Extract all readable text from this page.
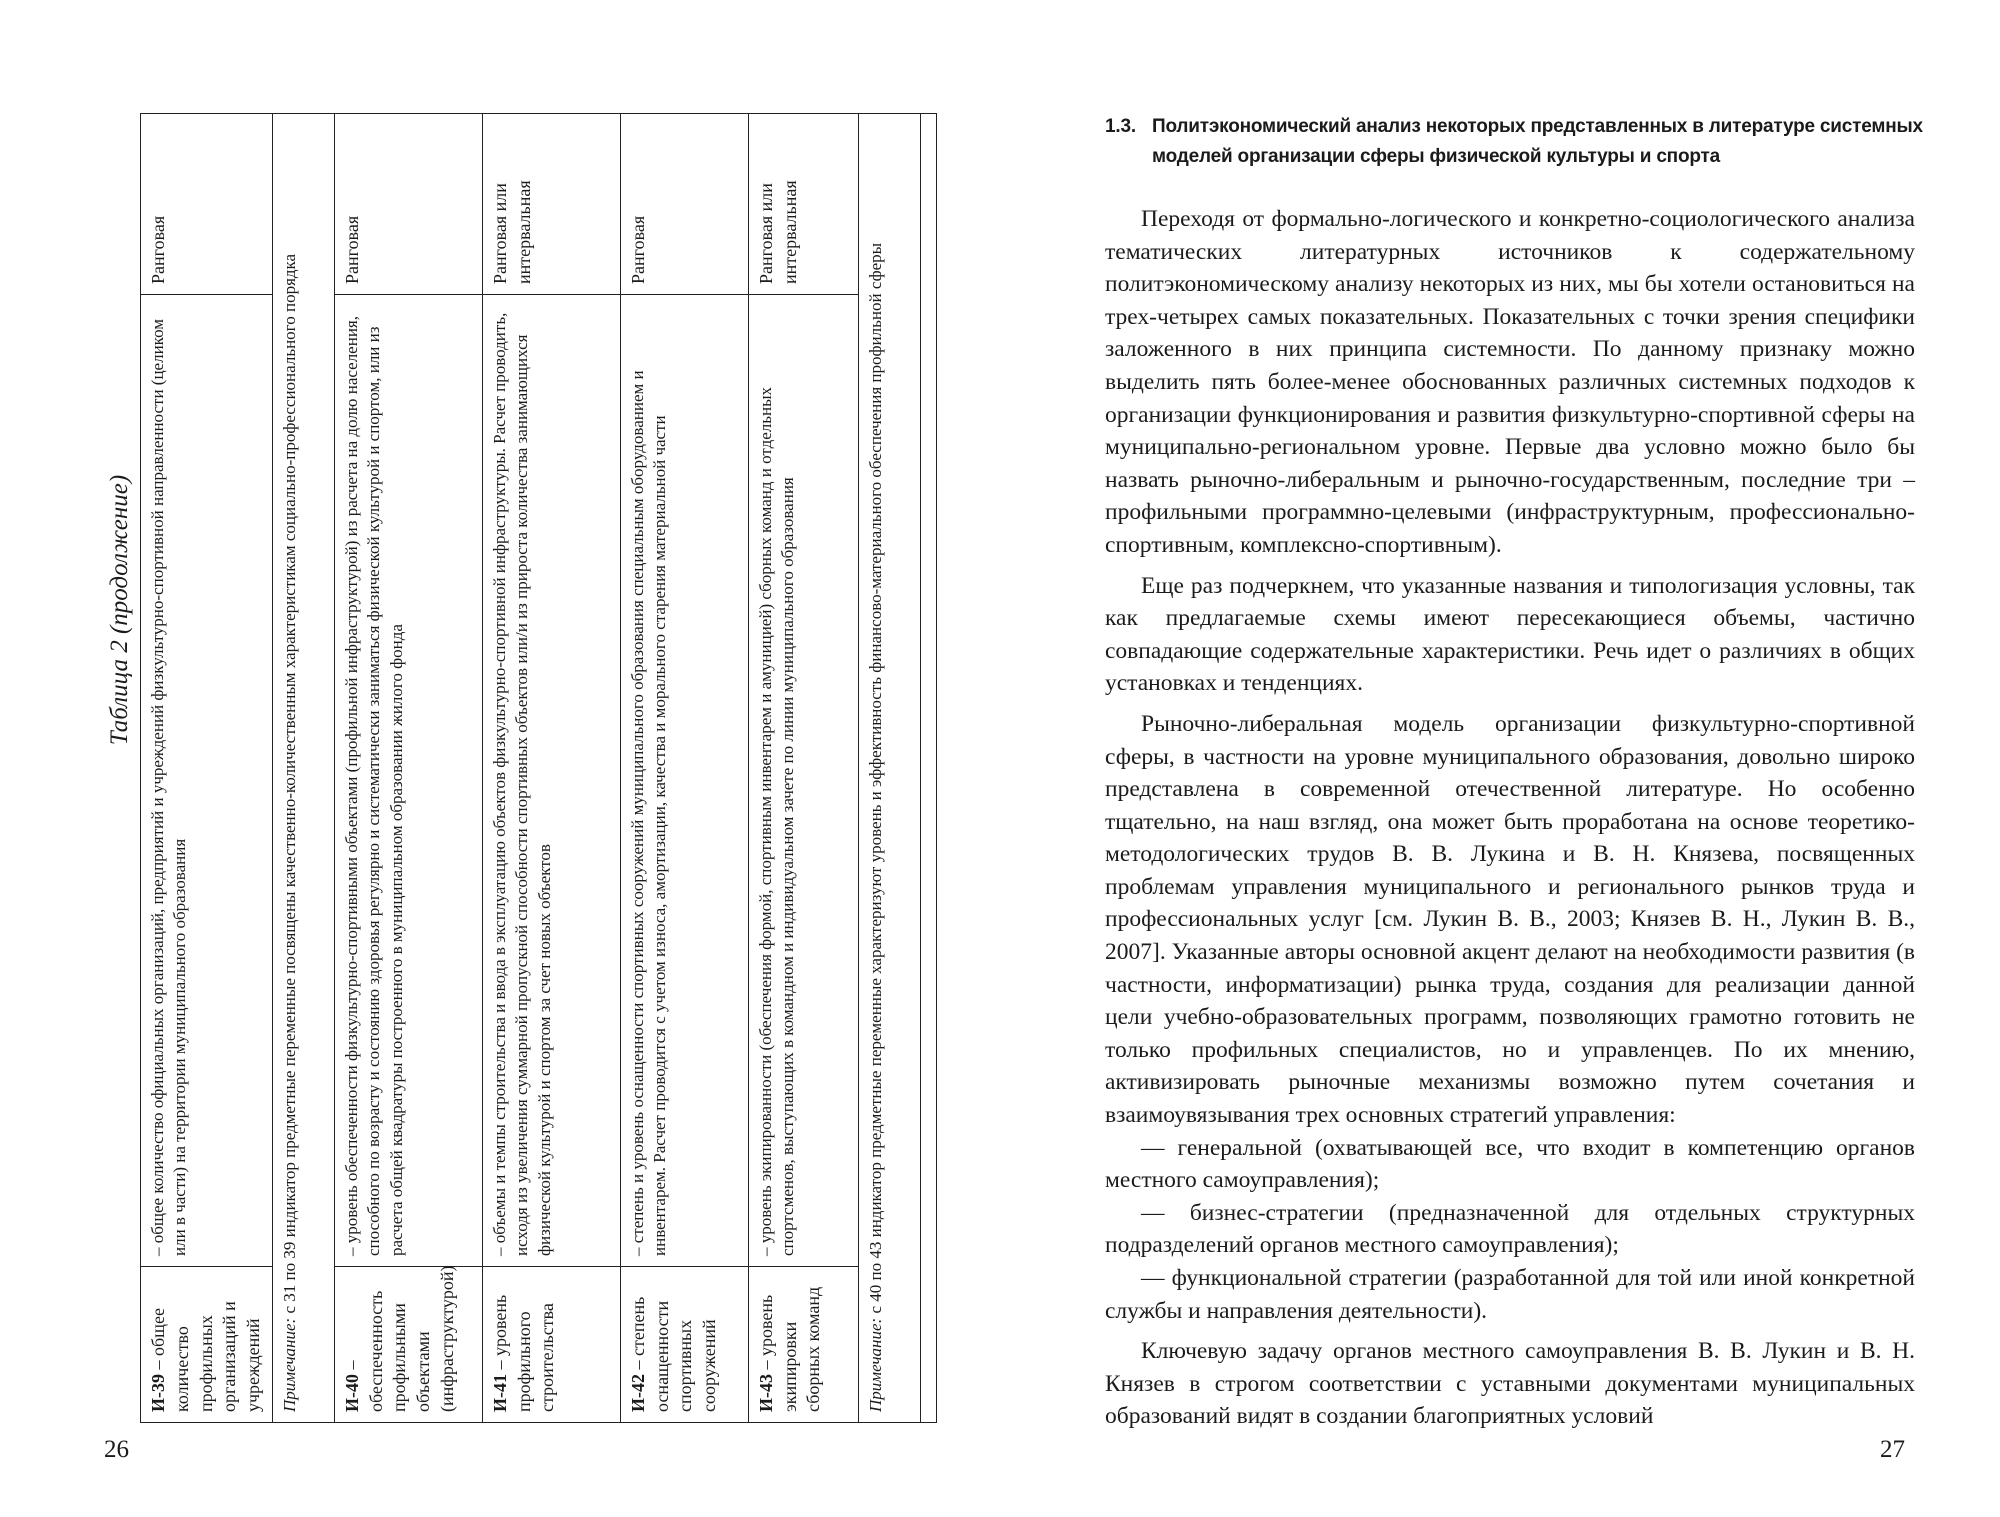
Таблица 2 (продолжение)
И-39 – общее количество профильных организаций и учреждений	– общее количество официальных организаций, предприятий и учреждений физкультурно-спортивной направленности (целиком или в части) на территории муниципального образования	Ранговая
Примечание: с 31 по 39 индикатор предметные переменные посвящены качественно-количественным характеристикам социально-профессионального порядка		
И-40 – обеспеченность профильными объектами (инфраструктурой)	– уровень обеспеченности физкультурно-спортивными объектами (профильной инфраструктурой) из расчета на долю населения, способного по возрасту и состоянию здоровья регулярно и систематически заниматься физической культурой и спортом, или из расчета общей квадратуры построенного в муниципальном образовании жилого фонда	Ранговая
И-41 – уровень профильного строительства	– объемы и темпы строительства и ввода в эксплуатацию объектов физкультурно-спортивной инфраструктуры. Расчет проводить, исходя из увеличения суммарной пропускной способности спортивных объектов или/и из прироста количества занимающихся физической культурой и спортом за счет новых объектов	Ранговая или интервальная
И-42 – степень оснащенности спортивных сооружений	– степень и уровень оснащенности спортивных сооружений муниципального образования специальным оборудованием и инвентарем. Расчет проводится с учетом износа, амортизации, качества и морального старения материальной части	Ранговая
И-43 – уровень экипировки сборных команд	– уровень экипированности (обеспечения формой, спортивным инвентарем и амуницией) сборных команд и отдельных спортсменов, выступающих в командном и индивидуальном зачете по линии муниципального образования	Ранговая или интервальная
Примечание: с 40 по 43 индикатор предметные переменные характеризуют уровень и эффективность финансово-материального обеспечения профильной сферы		

26	27
1.3. Политэкономический анализ некоторых представленных в литературе системных моделей организации сферы физической культуры и спорта

Переходя от формально-логического и конкретно-социологического анализа тематических литературных источников к содержательному политэкономическому анализу некоторых из них, мы бы хотели остановиться на трех-четырех самых показательных. Показательных с точки зрения специфики заложенного в них принципа системности. По данному признаку можно выделить пять более-менее обоснованных различных системных подходов к организации функционирования и развития физкультурно-спортивной сферы на муниципально-региональном уровне. Первые два условно можно было бы назвать рыночно-либеральным и рыночно-государственным, последние три – профильными программно-целевыми (инфраструктурным, профессионально-спортивным, комплексно-спортивным).

Еще раз подчеркнем, что указанные названия и типологизация условны, так как предлагаемые схемы имеют пересекающиеся объемы, частично совпадающие содержательные характеристики. Речь идет о различиях в общих установках и тенденциях.

Рыночно-либеральная модель организации физкультурно-спортивной сферы, в частности на уровне муниципального образования, довольно широко представлена в современной отечественной литературе. Но особенно тщательно, на наш взгляд, она может быть проработана на основе теоретико-методологических трудов В. В. Лукина и В. Н. Князева, посвященных проблемам управления муниципального и регионального рынков труда и профессиональных услуг [см. Лукин В. В., 2003; Князев В. Н., Лукин В. В., 2007]. Указанные авторы основной акцент делают на необходимости развития (в частности, информатизации) рынка труда, создания для реализации данной цели учебно-образовательных программ, позволяющих грамотно готовить не только профильных специалистов, но и управленцев. По их мнению, активизировать рыночные механизмы возможно путем сочетания и взаимоувязывания трех основных стратегий управления:

— генеральной (охватывающей все, что входит в компетенцию органов местного самоуправления);

— бизнес-стратегии (предназначенной для отдельных структурных подразделений органов местного самоуправления);

— функциональной стратегии (разработанной для той или иной конкретной службы и направления деятельности).

Ключевую задачу органов местного самоуправления В. В. Лукин и В. Н. Князев в строгом соответствии с уставными документами муниципальных образований видят в создании благоприятных условий
